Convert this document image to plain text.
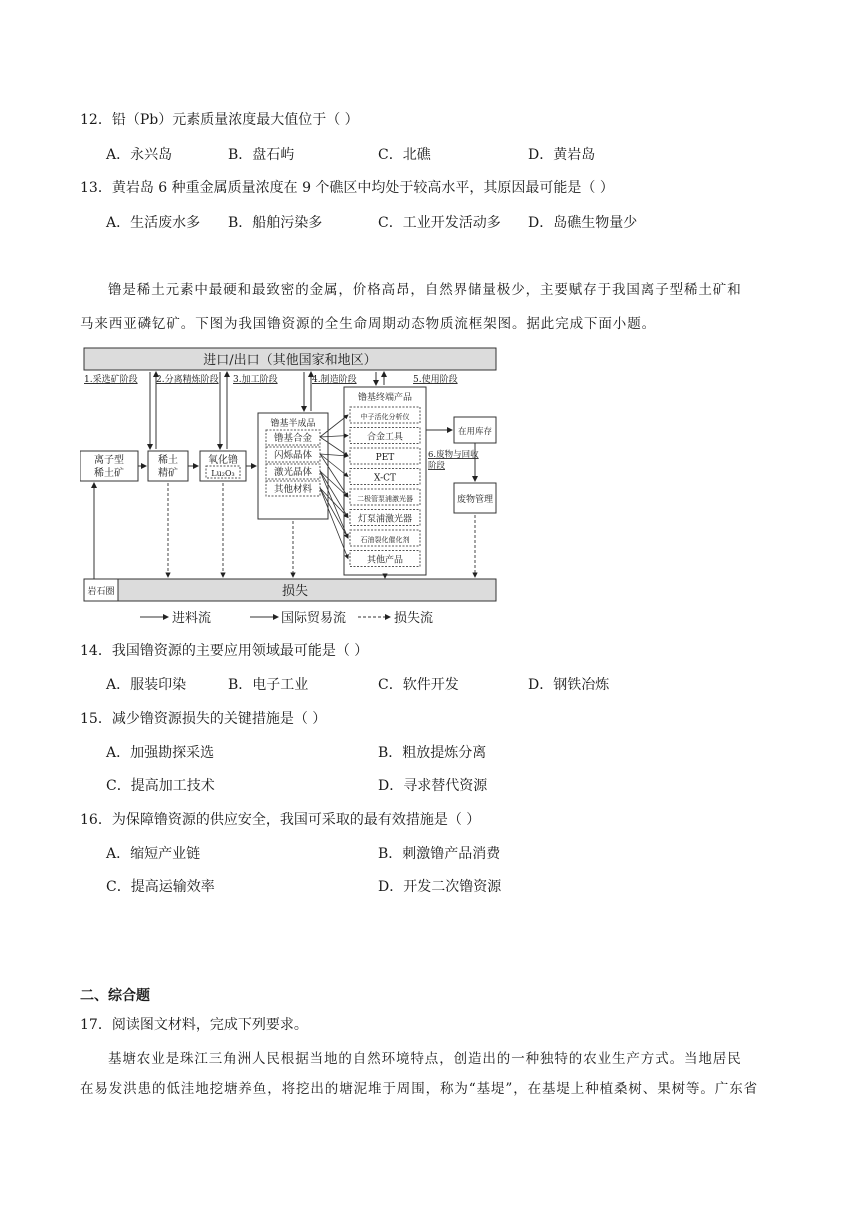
12．铅（Pb）元素质量浓度最大值位于（ ）
A．永兴岛	B．盘石屿	C．北礁	D．黄岩岛
13．黄岩岛 6 种重金属质量浓度在 9 个礁区中均处于较高水平，其原因最可能是（ ）
A．生活废水多 B．船舶污染多	C．工业开发活动多 D．岛礁生物量少
镥是稀土元素中最硬和最致密的金属，价格高昂，自然界储量极少，主要赋存于我国离子型稀土矿和
马来西亚磷钇矿。下图为我国镥资源的全生命周期动态物质流框架图。据此完成下面小题。
进口/出口（其他国家和地区）
1.采选矿阶段 2.分离精炼阶段 3.加工阶段	4.制造阶段	5.使用阶段
离子型
稀土矿
稀土
精矿
氧化镥
Lu₂O₃
镥基半成品
镥基合金
闪烁晶体
激光晶体
其他材料
镥基终端产品
中子活化分析仪
合金工具
PET
X-CT
二极管泵浦激光器
灯泵浦激光器
石油裂化催化剂
其他产品
在用库存
6.废物与回收
阶段
废物管理
岩石圈	损失
进料流	国际贸易流	损失流
14．我国镥资源的主要应用领域最可能是（ ）
A．服装印染	B．电子工业	C．软件开发	D．钢铁冶炼
15．减少镥资源损失的关键措施是（ ）
A．加强勘探采选	B．粗放提炼分离
C．提高加工技术	D．寻求替代资源
16．为保障镥资源的供应安全，我国可采取的最有效措施是（ ）
A．缩短产业链	B．刺激镥产品消费
C．提高运输效率	D．开发二次镥资源
二、综合题
17．阅读图文材料，完成下列要求。
基塘农业是珠江三角洲人民根据当地的自然环境特点，创造出的一种独特的农业生产方式。当地居民
在易发洪患的低洼地挖塘养鱼，将挖出的塘泥堆于周围，称为“基堤”，在基堤上种植桑树、果树等。广东省
